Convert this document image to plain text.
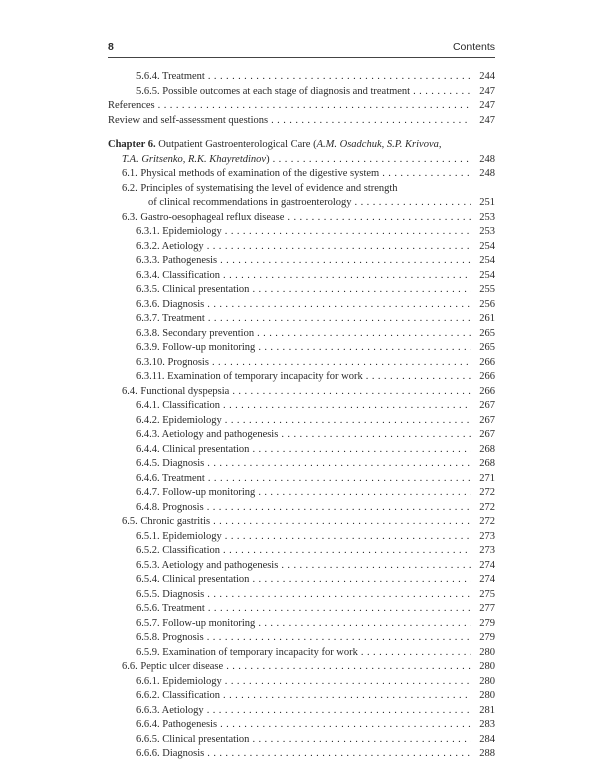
8	Contents
5.6.4. Treatment . . .	244
5.6.5. Possible outcomes at each stage of diagnosis and treatment . . .	247
References . . .	247
Review and self-assessment questions . . .	247
Chapter 6. Outpatient Gastroenterological Care (A.M. Osadchuk, S.P. Krivova,
T.A. Gritsenko, R.K. Khayretdinov) . . .	248
6.1. Physical methods of examination of the digestive system . . .	248
6.2. Principles of systematising the level of evidence and strength
of clinical recommendations in gastroenterology . . .	251
6.3. Gastro-oesophageal reflux disease . . .	253
6.3.1. Epidemiology . . .	253
6.3.2. Aetiology . . .	254
6.3.3. Pathogenesis . . .	254
6.3.4. Classification . . .	254
6.3.5. Clinical presentation . . .	255
6.3.6. Diagnosis . . .	256
6.3.7. Treatment . . .	261
6.3.8. Secondary prevention . . .	265
6.3.9. Follow-up monitoring . . .	265
6.3.10. Prognosis . . .	266
6.3.11. Examination of temporary incapacity for work . . .	266
6.4. Functional dyspepsia . . .	266
6.4.1. Classification . . .	267
6.4.2. Epidemiology . . .	267
6.4.3. Aetiology and pathogenesis . . .	267
6.4.4. Clinical presentation . . .	268
6.4.5. Diagnosis . . .	268
6.4.6. Treatment . . .	271
6.4.7. Follow-up monitoring . . .	272
6.4.8. Prognosis . . .	272
6.5. Chronic gastritis . . .	272
6.5.1. Epidemiology . . .	273
6.5.2. Classification . . .	273
6.5.3. Aetiology and pathogenesis . . .	274
6.5.4. Clinical presentation . . .	274
6.5.5. Diagnosis . . .	275
6.5.6. Treatment . . .	277
6.5.7. Follow-up monitoring . . .	279
6.5.8. Prognosis . . .	279
6.5.9. Examination of temporary incapacity for work . . .	280
6.6. Peptic ulcer disease . . .	280
6.6.1. Epidemiology . . .	280
6.6.2. Classification . . .	280
6.6.3. Aetiology . . .	281
6.6.4. Pathogenesis . . .	283
6.6.5. Clinical presentation . . .	284
6.6.6. Diagnosis . . .	288
